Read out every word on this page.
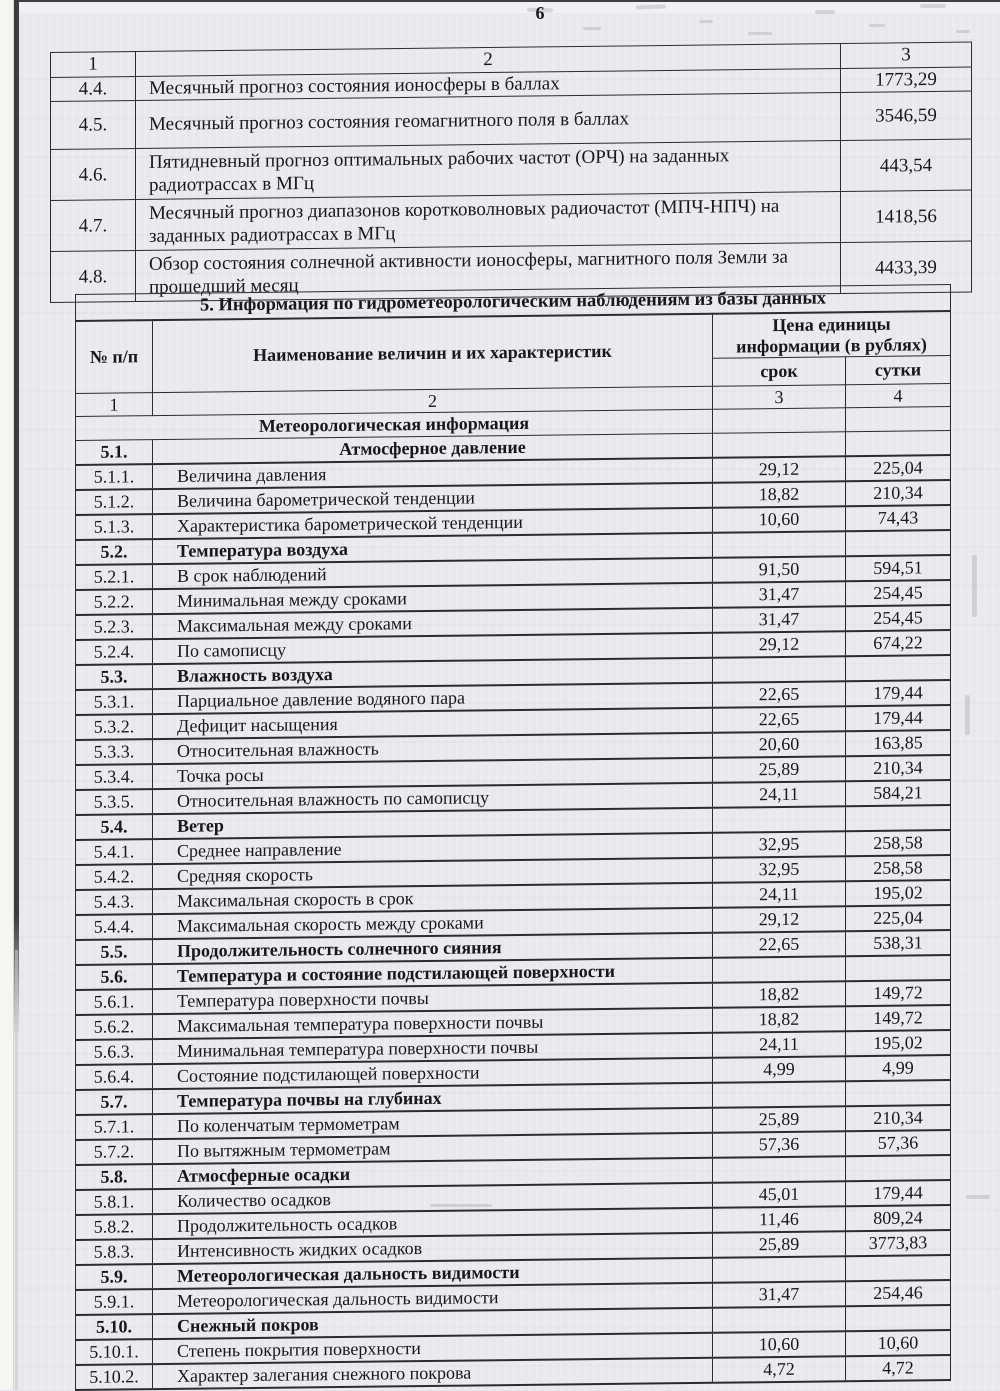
6
1	2	3
4.4.	Месячный прогноз состояния ионосферы в баллах	1773,29
4.5.	Месячный прогноз состояния геомагнитного поля в баллах	3546,59
4.6.	Пятидневный прогноз оптимальных рабочих частот (ОРЧ) на заданных радиотрассах в МГц	443,54
4.7.	Месячный прогноз диапазонов коротковолновых радиочастот (МПЧ-НПЧ) на заданных радиотрассах в МГц	1418,56
4.8.	Обзор состояния солнечной активности ионосферы, магнитного поля Земли за прошедший месяц	4433,39
5. Информация по гидрометеорологическим наблюдениям из базы данных			
№ п/п	Наименование величин и их характеристик	Цена единицы информации (в рублях)	

		срок	сутки
1	2	3	4
Метеорологическая информация			
5.1.	Атмосферное давление		
5.1.1.	Величина давления	29,12	225,04
5.1.2.	Величина барометрической тенденции	18,82	210,34
5.1.3.	Характеристика барометрической тенденции	10,60	74,43
5.2.	Температура воздуха		
5.2.1.	В срок наблюдений	91,50	594,51
5.2.2.	Минимальная между сроками	31,47	254,45
5.2.3.	Максимальная между сроками	31,47	254,45
5.2.4.	По самописцу	29,12	674,22
5.3.	Влажность воздуха		
5.3.1.	Парциальное давление водяного пара	22,65	179,44
5.3.2.	Дефицит насыщения	22,65	179,44
5.3.3.	Относительная влажность	20,60	163,85
5.3.4.	Точка росы	25,89	210,34
5.3.5.	Относительная влажность по самописцу	24,11	584,21
5.4.	Ветер		
5.4.1.	Среднее направление	32,95	258,58
5.4.2.	Средняя скорость	32,95	258,58
5.4.3.	Максимальная скорость в срок	24,11	195,02
5.4.4.	Максимальная скорость между сроками	29,12	225,04
5.5.	Продолжительность солнечного сияния	22,65	538,31
5.6.	Температура и состояние подстилающей поверхности		
5.6.1.	Температура поверхности почвы	18,82	149,72
5.6.2.	Максимальная температура поверхности почвы	18,82	149,72
5.6.3.	Минимальная температура поверхности почвы	24,11	195,02
5.6.4.	Состояние подстилающей поверхности	4,99	4,99
5.7.	Температура почвы на глубинах		
5.7.1.	По коленчатым термометрам	25,89	210,34
5.7.2.	По вытяжным термометрам	57,36	57,36
5.8.	Атмосферные осадки		
5.8.1.	Количество осадков	45,01	179,44
5.8.2.	Продолжительность осадков	11,46	809,24
5.8.3.	Интенсивность жидких осадков	25,89	3773,83
5.9.	Метеорологическая дальность видимости		
5.9.1.	Метеорологическая дальность видимости	31,47	254,46
5.10.	Снежный покров		
5.10.1.	Степень покрытия поверхности	10,60	10,60
5.10.2.	Характер залегания снежного покрова	4,72	4,72
